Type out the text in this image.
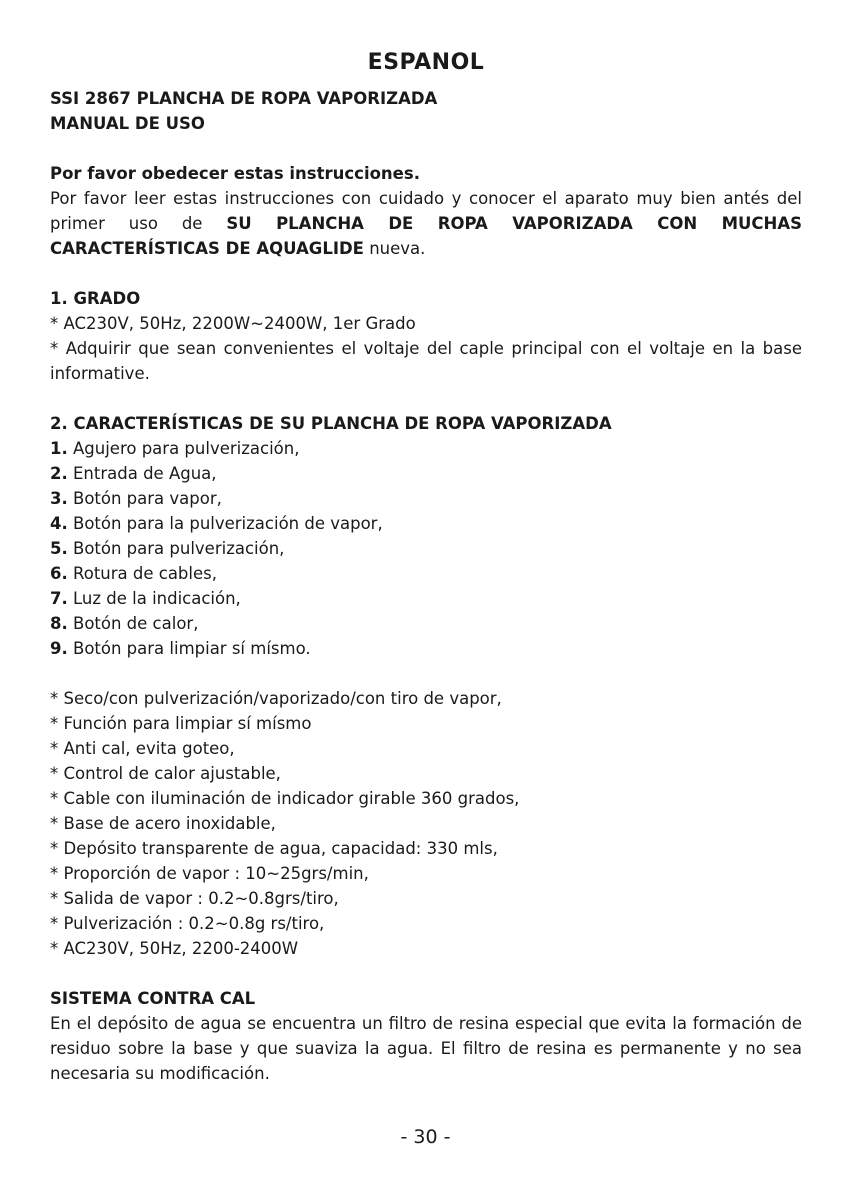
ESPANOL

SSI 2867 PLANCHA DE ROPA VAPORIZADA

MANUAL DE USO

Por favor obedecer estas instrucciones.

Por favor leer estas instrucciones con cuidado y conocer el aparato muy bien antés del primer uso de SU PLANCHA DE ROPA VAPORIZADA CON MUCHAS CARACTERÍSTICAS DE AQUAGLIDE nueva.

1. GRADO

* AC230V, 50Hz, 2200W~2400W, 1er Grado

* Adquirir que sean convenientes el voltaje del caple principal con el voltaje en la base informative.

2. CARACTERÍSTICAS DE SU PLANCHA DE ROPA VAPORIZADA

1. Agujero para pulverización,
2. Entrada de Agua,
3. Botón para vapor,
4. Botón para la pulverización de vapor,
5. Botón para pulverización,
6. Rotura de cables,
7. Luz de la indicación,
8. Botón de calor,
9. Botón para limpiar sí mísmo.
* Seco/con pulverización/vaporizado/con tiro de vapor,
* Función para limpiar sí mísmo
* Anti cal, evita goteo,
* Control de calor ajustable,
* Cable con iluminación de indicador girable 360 grados,
* Base de acero inoxidable,
* Depósito transparente de agua, capacidad: 330 mls,
* Proporción de vapor : 10~25grs/min,
* Salida de vapor : 0.2~0.8grs/tiro,
* Pulverización : 0.2~0.8g rs/tiro,
* AC230V, 50Hz, 2200-2400W

SISTEMA CONTRA CAL

En el depósito de agua se encuentra un filtro de resina especial que evita la formación de residuo sobre la base y que suaviza la agua. El filtro de resina es permanente y no sea necesaria su modificación.

- 30 -
